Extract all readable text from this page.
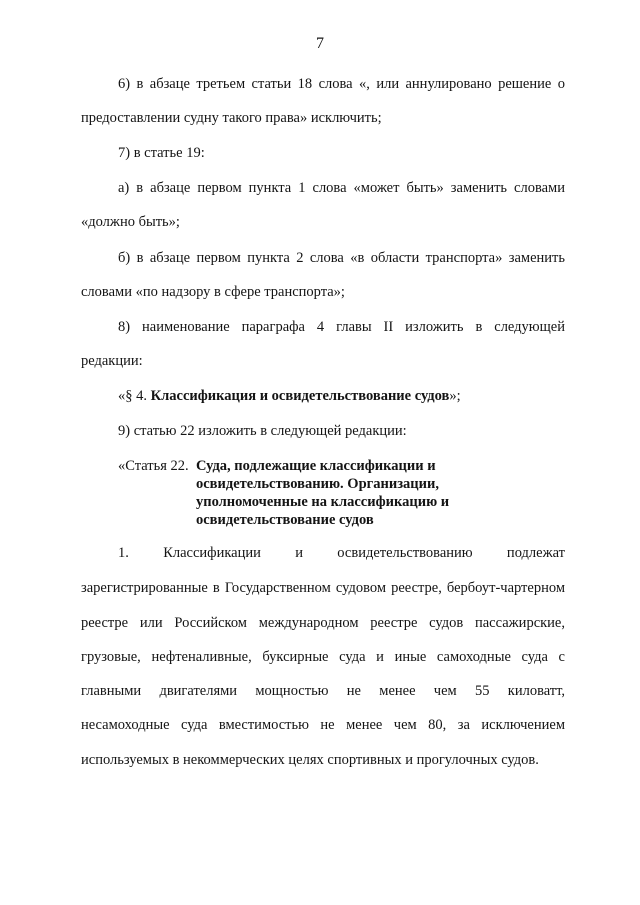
7
6) в абзаце третьем статьи 18 слова «, или аннулировано решение о
предоставлении судну такого права» исключить;
7) в статье 19:
а) в абзаце первом пункта 1 слова «может быть» заменить словами
«должно быть»;
б) в абзаце первом пункта 2 слова «в области транспорта» заменить
словами «по надзору в сфере транспорта»;
8) наименование параграфа 4 главы II изложить в следующей
редакции:
«§ 4. Классификация и освидетельствование судов»;
9) статью 22 изложить в следующей редакции:
«Статья 22. Суда, подлежащие классификации и
освидетельствованию. Организации,
уполномоченные на классификацию и
освидетельствование судов
1. Классификации и освидетельствованию подлежат
зарегистрированные в Государственном судовом реестре, бербоут-чартерном
реестре или Российском международном реестре судов пассажирские,
грузовые, нефтеналивные, буксирные суда и иные самоходные суда с
главными двигателями мощностью не менее чем 55 киловатт,
несамоходные суда вместимостью не менее чем 80, за исключением
используемых в некоммерческих целях спортивных и прогулочных судов.
